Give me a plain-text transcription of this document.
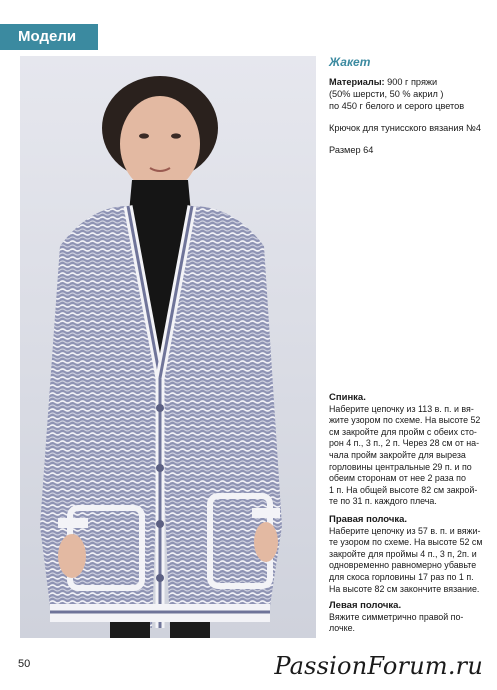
Модели
Жакет

Материалы: 900 г пряжи

(50% шерсти, 50 % акрил )

по 450 г белого и серого цветов

Крючок для тунисского вязания №4

Размер 64

Спинка.

Наберите цепочку из 113 в. п. и вя-

жите узором по схеме. На высоте 52

см закройте для пройм с обеих сто-

рон 4 п., 3 п., 2 п. Через 28 см от на-

чала пройм закройте для выреза

горловины центральные 29 п. и по

обеим сторонам от нее 2 раза по

1 п. На общей высоте 82 см закрой-

те по 31 п. каждого плеча.

Правая полочка.

Наберите цепочку из 57 в. п. и вяжи-

те узором по схеме. На высоте 52 см

закройте для проймы 4 п., 3 п, 2п. и

одновременно равномерно убавьте

для скоса горловины 17 раз по 1 п.

На высоте 82 см закончите вязание.

Левая полочка.

Вяжите симметрично правой по-

лочке.

50	PassionForum.ru
